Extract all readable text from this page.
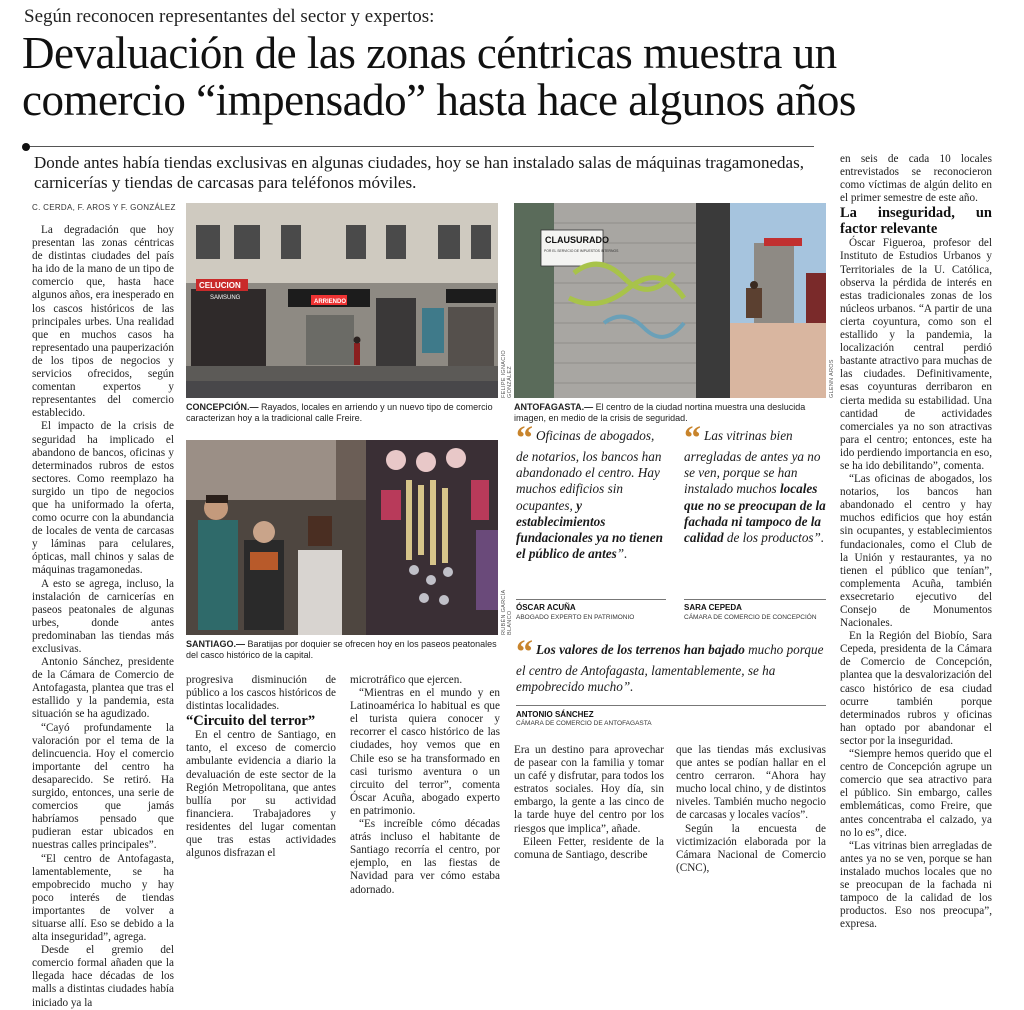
Según reconocen representantes del sector y expertos:
Devaluación de las zonas céntricas muestra un
comercio “impensado” hasta hace algunos años
Donde antes había tiendas exclusivas en algunas ciudades, hoy se han instalado salas de máquinas tragamonedas, carnicerías y tiendas de carcasas para teléfonos móviles.
C. CERDA, F. AROS Y F. GONZÁLEZ

La degradación que hoy presentan las zonas céntricas de distintas ciudades del país ha ido de la mano de un tipo de comercio que, hasta hace algunos años, era inesperado en los cascos históricos de las principales urbes. Una realidad que en muchos casos ha representado una pauperización de los tipos de negocios y servicios ofrecidos, según comentan expertos y representantes del comercio establecido.

El impacto de la crisis de seguridad ha implicado el abandono de bancos, oficinas y determinados rubros de estos sectores. Como reemplazo ha surgido un tipo de negocios que ha uniformado la oferta, como ocurre con la abundancia de locales de venta de carcasas y láminas para celulares, ópticas, mall chinos y salas de máquinas tragamonedas.

A esto se agrega, incluso, la instalación de carnicerías en paseos peatonales de algunas urbes, donde antes predominaban las tiendas más exclusivas.

Antonio Sánchez, presidente de la Cámara de Comercio de Antofagasta, plantea que tras el estallido y la pandemia, esta situación se ha agudizado.

“Cayó profundamente la valoración por el tema de la delincuencia. Hoy el comercio importante del centro ha desaparecido. Se retiró. Ha surgido, entonces, una serie de comercios que jamás habríamos pensado que pudieran estar ubicados en nuestras calles principales”.

“El centro de Antofagasta, lamentablemente, se ha empobrecido mucho y hay poco interés de tiendas importantes de volver a situarse allí. Eso se debido a la alta inseguridad”, agrega.

Desde el gremio del comercio formal añaden que la llegada hace décadas de los malls a distintas ciudades había iniciado ya la

CELUCION
SAMSUNG
ARRIENDO
FELIPE IGNACIO GONZÁLEZ
CONCEPCIÓN.— Rayados, locales en arriendo y un nuevo tipo de comercio caracterizan hoy a la tradicional calle Freire.
CLAUSURADO
POR EL SERVICIO DE IMPUESTOS INTERNOS
GLENN AROS
ANTOFAGASTA.— El centro de la ciudad nortina muestra una deslucida imagen, en medio de la crisis de seguridad.
RUBÉN GARCÍA BLANCO
SANTIAGO.— Baratijas por doquier se ofrecen hoy en los paseos peatonales del casco histórico de la capital.
“ Oficinas de abogados, de notarios, los bancos han abandonado el centro. Hay muchos edificios sin ocupantes, y establecimientos fundacionales ya no tienen el público de antes”.
ÓSCAR ACUÑA
ABOGADO EXPERTO EN PATRIMONIO
“ Las vitrinas bien arregladas de antes ya no se ven, porque se han instalado muchos locales que no se preocupan de la fachada ni tampoco de la calidad de los productos”.
SARA CEPEDA
CÁMARA DE COMERCIO DE CONCEPCIÓN
“ Los valores de los terrenos han bajado mucho porque el centro de Antofagasta, lamentablemente, se ha empobrecido mucho”.
ANTONIO SÁNCHEZ
CÁMARA DE COMERCIO DE ANTOFAGASTA

progresiva disminución de público a los cascos históricos de distintas localidades.

“Circuito del terror”

En el centro de Santiago, en tanto, el exceso de comercio ambulante evidencia a diario la devaluación de este sector de la Región Metropolitana, que antes bullía por su actividad financiera. Trabajadores y residentes del lugar comentan que tras estas actividades algunos disfrazan el

microtráfico que ejercen.

“Mientras en el mundo y en Latinoamérica lo habitual es que el turista quiera conocer y recorrer el casco histórico de las ciudades, hoy vemos que en Chile eso se ha transformado en casi turismo aventura o un circuito del terror”, comenta Óscar Acuña, abogado experto en patrimonio.

“Es increíble cómo décadas atrás incluso el habitante de Santiago recorría el centro, por ejemplo, en las fiestas de Navidad para ver cómo estaba adornado.

Era un destino para aprovechar de pasear con la familia y tomar un café y disfrutar, para todos los estratos sociales. Hoy día, sin embargo, la gente a las cinco de la tarde huye del centro por los riesgos que implica”, añade.

Eileen Fetter, residente de la comuna de Santiago, describe

que las tiendas más exclusivas que antes se podían hallar en el centro cerraron. “Ahora hay mucho local chino, y de distintos niveles. También mucho negocio de carcasas y locales vacíos”.

Según la encuesta de victimización elaborada por la Cámara Nacional de Comercio (CNC),

en seis de cada 10 locales entrevistados se reconocieron como víctimas de algún delito en el primer semestre de este año.

La inseguridad, un factor relevante

Óscar Figueroa, profesor del Instituto de Estudios Urbanos y Territoriales de la U. Católica, observa la pérdida de interés en estas tradicionales zonas de los núcleos urbanos. “A partir de una cierta coyuntura, como son el estallido y la pandemia, la localización central perdió bastante atractivo para muchas de las ciudades. Definitivamente, esas coyunturas derribaron en cierta medida su estabilidad. Una cantidad de actividades comerciales ya no son atractivas para el centro; entonces, este ha ido perdiendo importancia en eso, se ha ido debilitando”, comenta.

“Las oficinas de abogados, los notarios, los bancos han abandonado el centro y hay muchos edificios que hoy están sin ocupantes, y establecimientos fundacionales, como el Club de la Unión y restaurantes, ya no tienen el público que tenían”, complementa Acuña, también exsecretario ejecutivo del Consejo de Monumentos Nacionales.

En la Región del Biobío, Sara Cepeda, presidenta de la Cámara de Comercio de Concepción, plantea que la desvalorización del casco histórico de esa ciudad ocurre también porque determinados rubros y oficinas han optado por abandonar el sector por la inseguridad.

“Siempre hemos querido que el centro de Concepción agrupe un comercio que sea atractivo para el público. Sin embargo, calles emblemáticas, como Freire, que antes concentraba el calzado, ya no lo es”, dice.

“Las vitrinas bien arregladas de antes ya no se ven, porque se han instalado muchos locales que no se preocupan de la fachada ni tampoco de la calidad de los productos. Eso nos preocupa”, expresa.
